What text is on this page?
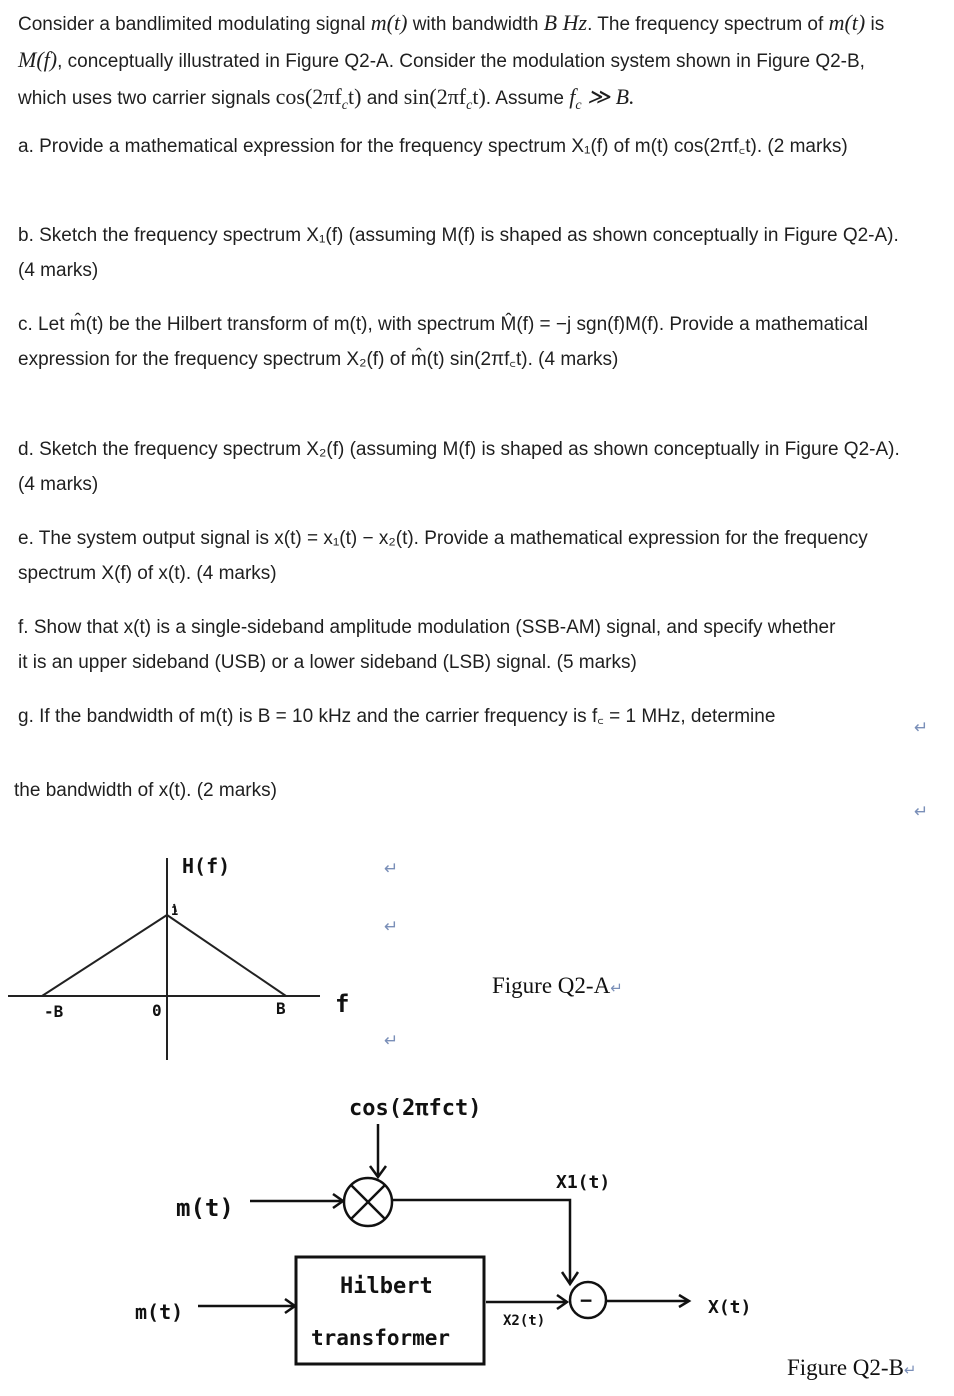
Consider a bandlimited modulating signal m(t) with bandwidth B Hz. The frequency spectrum of m(t) is M(f), conceptually illustrated in Figure Q2-A. Consider the modulation system shown in Figure Q2-B, which uses two carrier signals $\cos(2\pi f_ct)$ and $\sin(2\pi f_ct)$. Assume $f_c$ ≫ B.

a. Provide a mathematical expression for the frequency spectrum X₁(f) of m(t) cos(2πf꜀t). (2 marks)

b. Sketch the frequency spectrum X₁(f) (assuming M(f) is shaped as shown conceptually in Figure Q2-A). (4 marks)

c. Let m̂(t) be the Hilbert transform of m(t), with spectrum M̂(f) = −j sgn(f)M(f). Provide a mathematical expression for the frequency spectrum X₂(f) of m̂(t) sin(2πf꜀t). (4 marks)

d. Sketch the frequency spectrum X₂(f) (assuming M(f) is shaped as shown conceptually in Figure Q2-A). (4 marks)

e. The system output signal is x(t) = x₁(t) − x₂(t). Provide a mathematical expression for the frequency spectrum X(f) of x(t). (4 marks)

f. Show that x(t) is a single-sideband amplitude modulation (SSB-AM) signal, and specify whether it is an upper sideband (USB) or a lower sideband (LSB) signal. (5 marks)

g. If the bandwidth of m(t) is B = 10 kHz and the carrier frequency is f꜀ = 1 MHz, determine

↵

the bandwidth of x(t). (2 marks)

↵
H(f)
f
-B	0	B
1
cos(2πfct)
m(t)
m(t)
Hilbert
transformer
X1(t)
X2(t)
X(t)
−
↵
↵
↵
Figure Q2-A↵
Figure Q2-B↵
